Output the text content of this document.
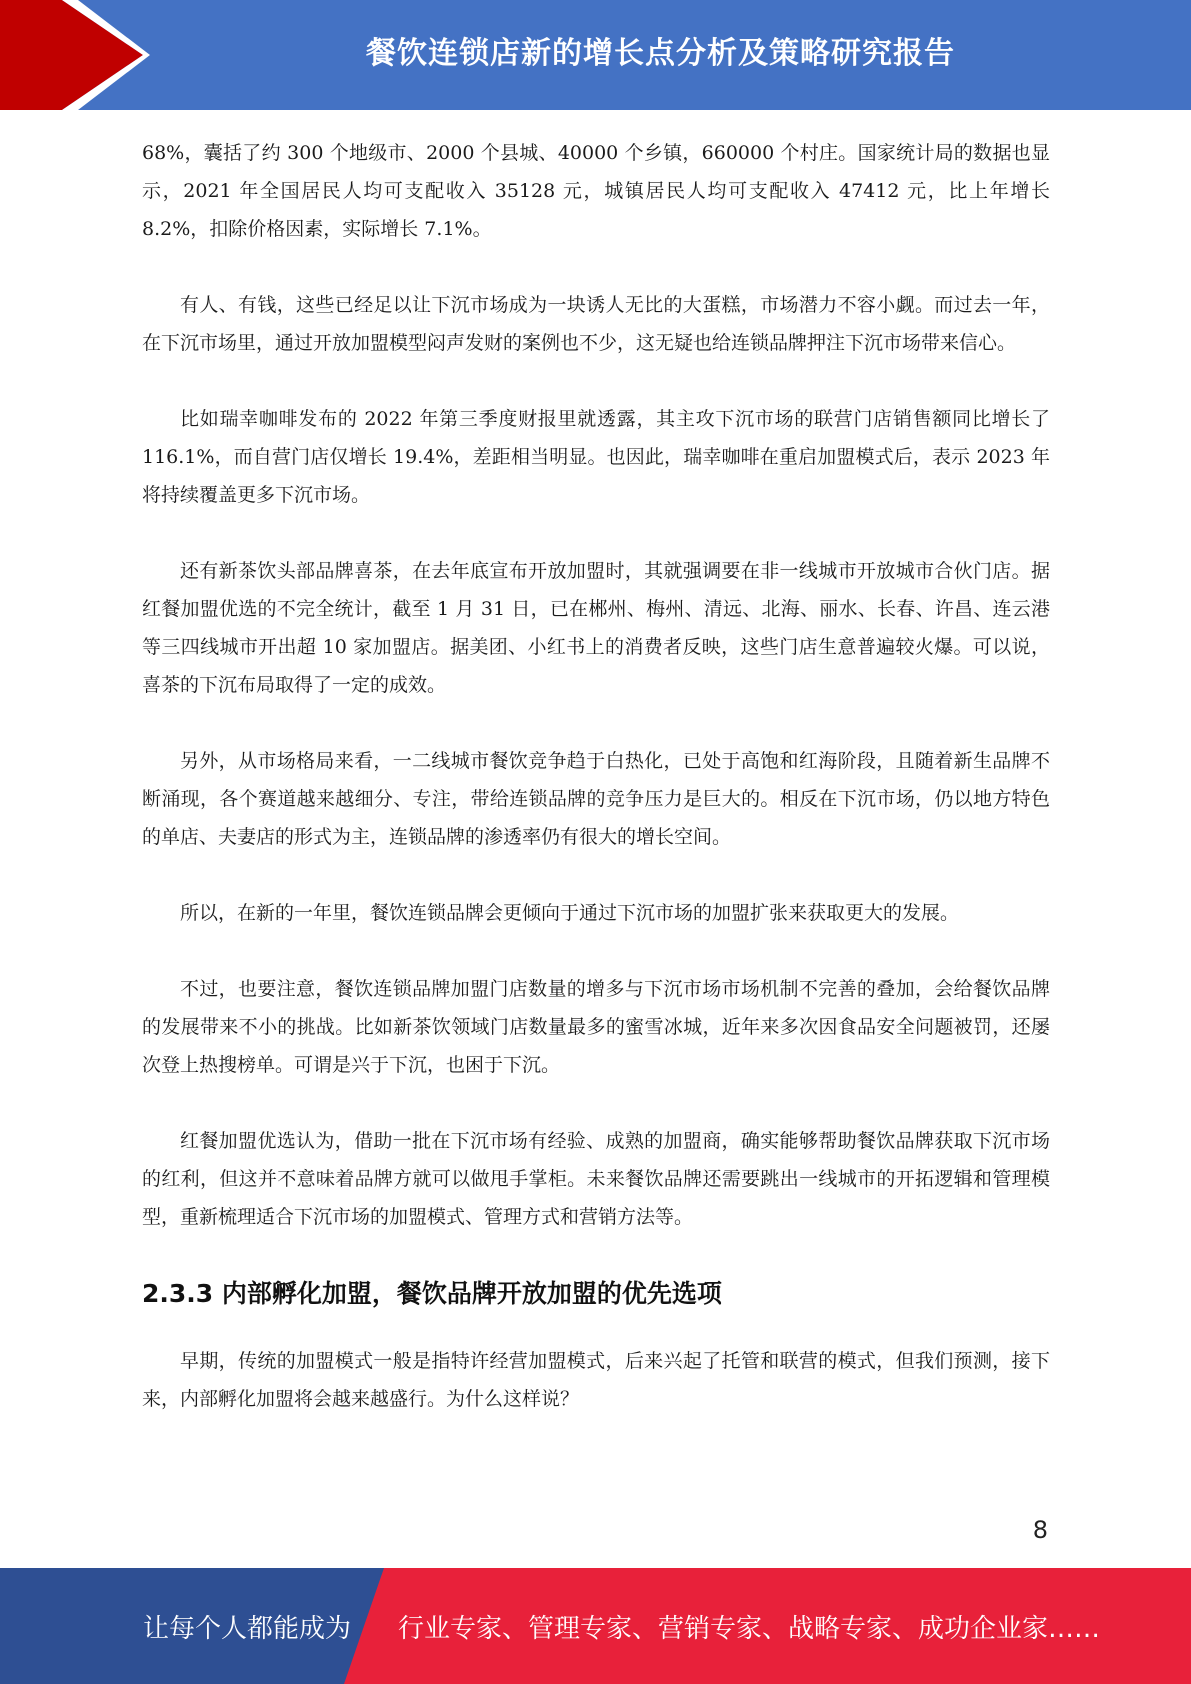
餐饮连锁店新的增长点分析及策略研究报告

68%，囊括了约 300 个地级市、2000 个县城、40000 个乡镇，660000 个村庄。国家统计局的数据也显示，2021 年全国居民人均可支配收入 35128 元，城镇居民人均可支配收入 47412 元，比上年增长 8.2%，扣除价格因素，实际增长 7.1%。

有人、有钱，这些已经足以让下沉市场成为一块诱人无比的大蛋糕，市场潜力不容小觑。而过去一年，在下沉市场里，通过开放加盟模型闷声发财的案例也不少，这无疑也给连锁品牌押注下沉市场带来信心。

比如瑞幸咖啡发布的 2022 年第三季度财报里就透露，其主攻下沉市场的联营门店销售额同比增长了 116.1%，而自营门店仅增长 19.4%，差距相当明显。也因此，瑞幸咖啡在重启加盟模式后，表示 2023 年将持续覆盖更多下沉市场。

还有新茶饮头部品牌喜茶，在去年底宣布开放加盟时，其就强调要在非一线城市开放城市合伙门店。据红餐加盟优选的不完全统计，截至 1 月 31 日，已在郴州、梅州、清远、北海、丽水、长春、许昌、连云港等三四线城市开出超 10 家加盟店。据美团、小红书上的消费者反映，这些门店生意普遍较火爆。可以说，喜茶的下沉布局取得了一定的成效。

另外，从市场格局来看，一二线城市餐饮竞争趋于白热化，已处于高饱和红海阶段，且随着新生品牌不断涌现，各个赛道越来越细分、专注，带给连锁品牌的竞争压力是巨大的。相反在下沉市场，仍以地方特色的单店、夫妻店的形式为主，连锁品牌的渗透率仍有很大的增长空间。

所以，在新的一年里，餐饮连锁品牌会更倾向于通过下沉市场的加盟扩张来获取更大的发展。

不过，也要注意，餐饮连锁品牌加盟门店数量的增多与下沉市场市场机制不完善的叠加，会给餐饮品牌的发展带来不小的挑战。比如新茶饮领域门店数量最多的蜜雪冰城，近年来多次因食品安全问题被罚，还屡次登上热搜榜单。可谓是兴于下沉，也困于下沉。

红餐加盟优选认为，借助一批在下沉市场有经验、成熟的加盟商，确实能够帮助餐饮品牌获取下沉市场的红利，但这并不意味着品牌方就可以做甩手掌柜。未来餐饮品牌还需要跳出一线城市的开拓逻辑和管理模型，重新梳理适合下沉市场的加盟模式、管理方式和营销方法等。

2.3.3 内部孵化加盟，餐饮品牌开放加盟的优先选项

早期，传统的加盟模式一般是指特许经营加盟模式，后来兴起了托管和联营的模式，但我们预测，接下来，内部孵化加盟将会越来越盛行。为什么这样说？

8
让每个人都能成为 行业专家、管理专家、营销专家、战略专家、成功企业家……
